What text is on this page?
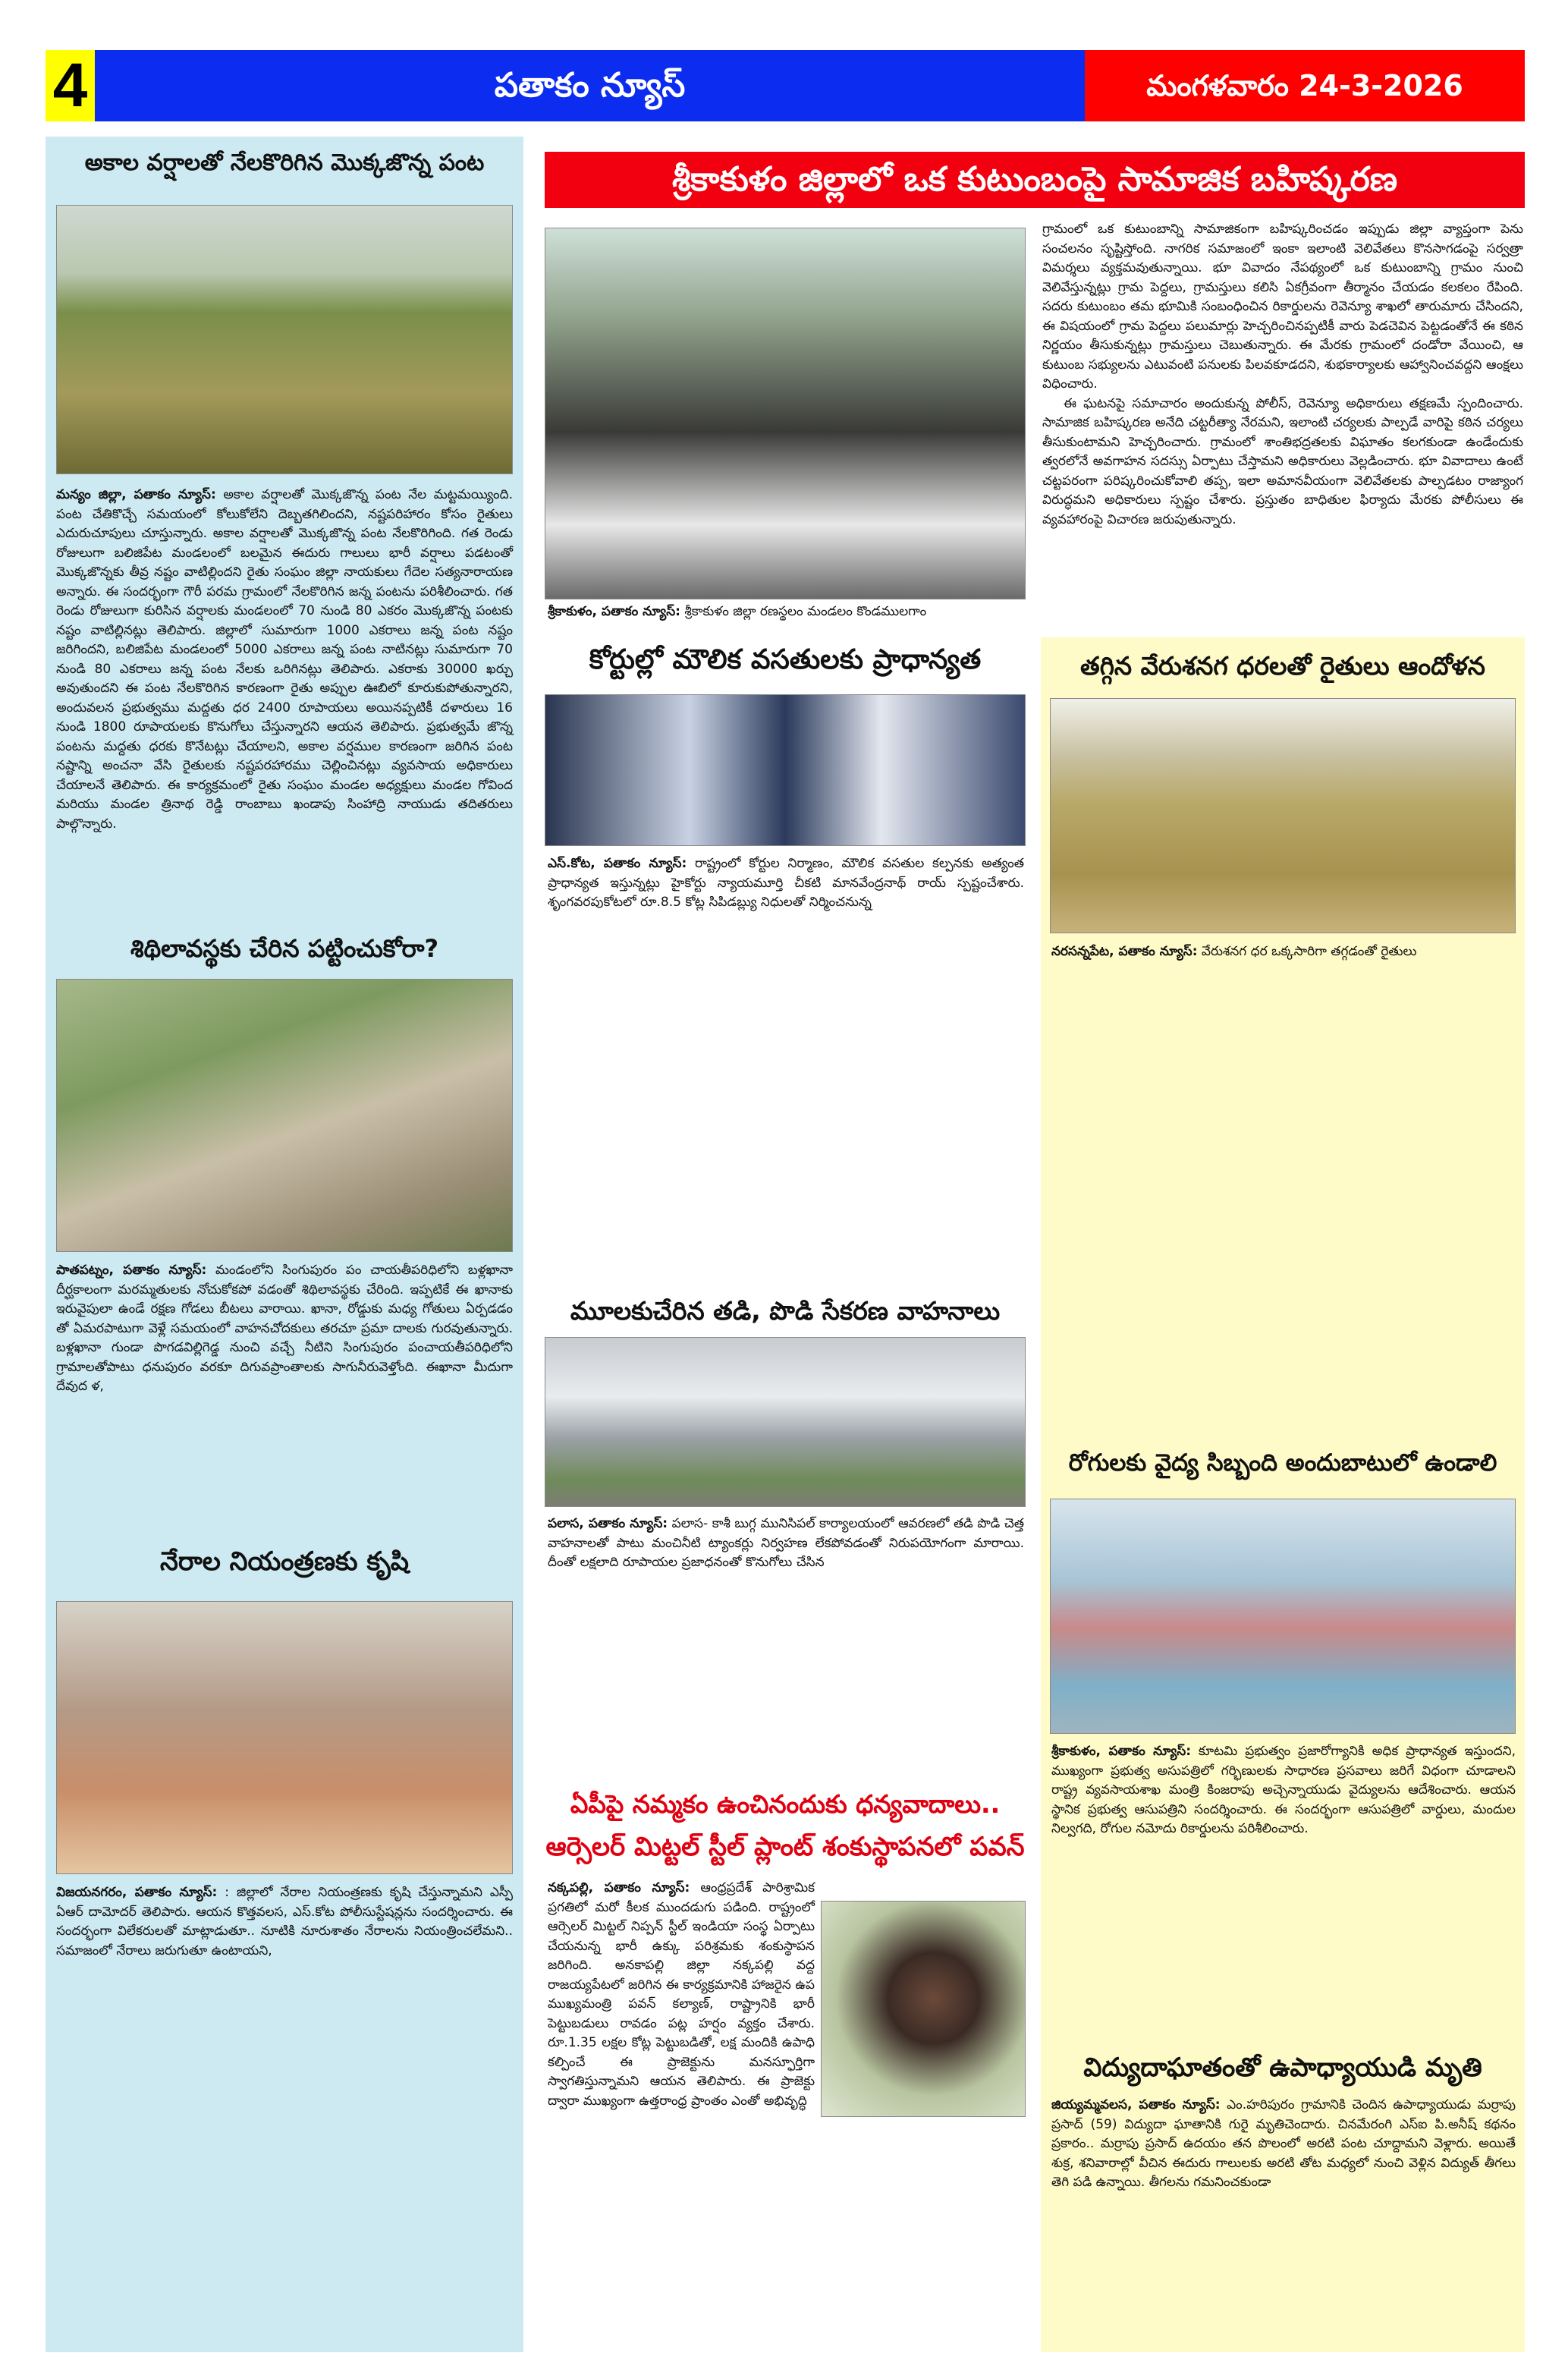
4	పతాకం న్యూస్	మంగళవారం 24-3-2026
అకాల వర్షాలతో నేలకొరిగిన మొక్కజొన్న పంట
మన్యం జిల్లా, పతాకం న్యూస్: అకాల వర్షాలతో మొక్కజొన్న పంట నేల మట్టమయ్యింది. పంట చేతికొచ్చే సమయంలో కోలుకోలేని దెబ్బతగిలిందని, నష్టపరిహారం కోసం రైతులు ఎదురుచూపులు చూస్తున్నారు. అకాల వర్షాలతో మొక్కజొన్న పంట నేలకొరిగింది. గత రెండు రోజులుగా బలిజిపేట మండలంలో బలమైన ఈదురు గాలులు భారీ వర్షాలు పడటంతో మొక్కజొన్నకు తీవ్ర నష్టం వాటిల్లిందని రైతు సంఘం జిల్లా నాయకులు గేదెల సత్యనారాయణ అన్నారు. ఈ సందర్భంగా గౌరీ పరమ గ్రామంలో నేలకొరిగిన జన్న పంటను పరిశీలించారు. గత రెండు రోజులుగా కురిసిన వర్షాలకు మండలంలో 70 నుండి 80 ఎకరం మొక్కజొన్న పంటకు నష్టం వాటిల్లినట్లు తెలిపారు. జిల్లాలో సుమారుగా 1000 ఎకరాలు జన్న పంట నష్టం జరిగిందని, బలిజిపేట మండలంలో 5000 ఎకరాలు జన్న పంట నాటినట్లు సుమారుగా 70 నుండి 80 ఎకరాలు జన్న పంట నేలకు ఒరిగినట్లు తెలిపారు. ఎకరాకు 30000 ఖర్చు అవుతుందని ఈ పంట నేలకొరిగిన కారణంగా రైతు అప్పుల ఊబిలో కూరుకుపోతున్నారని, అందువలన ప్రభుత్వము మద్దతు ధర 2400 రూపాయలు అయినప్పటికీ దళారులు 16 నుండి 1800 రూపాయలకు కొనుగోలు చేస్తున్నారని ఆయన తెలిపారు. ప్రభుత్వమే జొన్న పంటను మద్దతు ధరకు కొనేటట్లు చేయాలని, అకాల వర్షముల కారణంగా జరిగిన పంట నష్టాన్ని అంచనా వేసి రైతులకు నష్టపరహారము చెల్లించినట్లు వ్యవసాయ అధికారులు చేయాలనే తెలిపారు. ఈ కార్యక్రమంలో రైతు సంఘం మండల అధ్యక్షులు మండల గోవింద మరియు మండల త్రినాథ రెడ్డి రాంబాబు ఖండాపు సింహాద్రి నాయుడు తదితరులు పాల్గొన్నారు.
శిథిలావస్థకు చేరిన పట్టించుకోరా?
పాతపట్నం, పతాకం న్యూస్: మండంలోని సింగుపురం పం చాయతీపరిధిలోని బళ్లఖానా దీర్ఘకాలంగా మరమ్మతులకు నోచుకోకపో వడంతో శిథిలావస్థకు చేరింది. ఇప్పటికే ఈ ఖానాకు ఇరువైపులా ఉండే రక్షణ గోడలు బీటలు వారాయి. ఖానా, రోడ్డుకు మధ్య గోతులు ఏర్పడడం తో ఏమరపాటుగా వెళ్లే సమయంలో వాహనచోదకులు తరచూ ప్రమా దాలకు గురవుతున్నారు. బళ్లఖానా గుండా పొగడవిల్లిగెడ్డ నుంచి వచ్చే నీటిని సింగుపురం పంచాయతీపరిధిలోని గ్రామాలతోపాటు ధనుపురం వరకూ దిగువప్రాంతాలకు సాగునీరువెళ్తోంది. ఈఖానా మీదుగా దేవుద ళ,
నేరాల నియంత్రణకు కృషి
విజయనగరం, పతాకం న్యూస్: : జిల్లాలో నేరాల నియంత్రణకు కృషి చేస్తున్నామని ఎస్పీ ఏఆర్ దామోదర్ తెలిపారు. ఆయన కొత్తవలస, ఎస్.కోట పోలీసుస్టేషన్లను సందర్శించారు. ఈ సందర్భంగా విలేకరులతో మాట్లాడుతూ.. నూటికి నూరుశాతం నేరాలను నియంత్రించలేమని.. సమాజంలో నేరాలు జరుగుతూ ఉంటాయని,
శ్రీకాకుళం జిల్లాలో ఒక కుటుంబంపై సామాజిక బహిష్కరణ
శ్రీకాకుళం, పతాకం న్యూస్: శ్రీకాకుళం జిల్లా రణస్థలం మండలం కొండములగాం
కోర్టుల్లో మౌలిక వసతులకు ప్రాధాన్యత
ఎస్.కోట, పతాకం న్యూస్: రాష్ట్రంలో కోర్టుల నిర్మాణం, మౌలిక వసతుల కల్పనకు అత్యంత ప్రాధాన్యత ఇస్తున్నట్లు హైకోర్టు న్యాయమూర్తి చీకటి మానవేంద్రనాథ్ రాయ్ స్పష్టంచేశారు. శృంగవరపుకోటలో రూ.8.5 కోట్ల సిపిడబ్ల్యు నిధులతో నిర్మించనున్న
మూలకుచేరిన తడి, పొడి సేకరణ వాహనాలు
పలాస, పతాకం న్యూస్: పలాస- కాశీ బుగ్గ మునిసిపల్ కార్యాలయంలో ఆవరణలో తడి పొడి చెత్త వాహనాలతో పాటు మంచినీటి ట్యాంకర్లు నిర్వహణ లేకపోవడంతో నిరుపయోగంగా మారాయి. దీంతో లక్షలాది రూపాయల ప్రజాధనంతో కొనుగోలు చేసిన
ఏపీపై నమ్మకం ఉంచినందుకు ధన్యవాదాలు..
ఆర్సెలర్ మిట్టల్ స్టీల్ ప్లాంట్ శంకుస్థాపనలో పవన్
నక్కపల్లి, పతాకం న్యూస్: ఆంధ్రప్రదేశ్ పారిశ్రామిక ప్రగతిలో మరో కీలక ముందడుగు పడింది. రాష్ట్రంలో ఆర్సెలర్ మిట్టల్ నిప్పన్ స్టీల్ ఇండియా సంస్థ ఏర్పాటు చేయనున్న భారీ ఉక్కు పరిశ్రమకు శంకుస్థాపన జరిగింది. అనకాపల్లి జిల్లా నక్కపల్లి వద్ద రాజయ్యపేటలో జరిగిన ఈ కార్యక్రమానికి హాజరైన ఉప ముఖ్యమంత్రి పవన్ కల్యాణ్, రాష్ట్రానికి భారీ పెట్టుబడులు రావడం పట్ల హర్షం వ్యక్తం చేశారు. రూ.1.35 లక్షల కోట్ల పెట్టుబడితో, లక్ష మందికి ఉపాధి కల్పించే ఈ ప్రాజెక్టును మనస్ఫూర్తిగా స్వాగతిస్తున్నామని ఆయన తెలిపారు. ఈ ప్రాజెక్టు ద్వారా ముఖ్యంగా ఉత్తరాంధ్ర ప్రాంతం ఎంతో అభివృద్ధి
గ్రామంలో ఒక కుటుంబాన్ని సామాజికంగా బహిష్కరించడం ఇప్పుడు జిల్లా వ్యాప్తంగా పెను సంచలనం సృష్టిస్తోంది. నాగరిక సమాజంలో ఇంకా ఇలాంటి వెలివేతలు కొనసాగడంపై సర్వత్రా విమర్శలు వ్యక్తమవుతున్నాయి. భూ వివాదం నేపథ్యంలో ఒక కుటుంబాన్ని గ్రామం నుంచి వెలివేస్తున్నట్లు గ్రామ పెద్దలు, గ్రామస్తులు కలిసి ఏకగ్రీవంగా తీర్మానం చేయడం కలకలం రేపింది. సదరు కుటుంబం తమ భూమికి సంబంధించిన రికార్డులను రెవెన్యూ శాఖలో తారుమారు చేసిందని, ఈ విషయంలో గ్రామ పెద్దలు పలుమార్లు హెచ్చరించినప్పటికీ వారు పెడచెవిన పెట్టడంతోనే ఈ కఠిన నిర్ణయం తీసుకున్నట్లు గ్రామస్తులు చెబుతున్నారు. ఈ మేరకు గ్రామంలో దండోరా వేయించి, ఆ కుటుంబ సభ్యులను ఎటువంటి పనులకు పిలవకూడదని, శుభకార్యాలకు ఆహ్వానించవద్దని ఆంక్షలు విధించారు.
ఈ ఘటనపై సమాచారం అందుకున్న పోలీస్, రెవెన్యూ అధికారులు తక్షణమే స్పందించారు. సామాజిక బహిష్కరణ అనేది చట్టరీత్యా నేరమని, ఇలాంటి చర్యలకు పాల్పడే వారిపై కఠిన చర్యలు తీసుకుంటామని హెచ్చరించారు. గ్రామంలో శాంతిభద్రతలకు విఘాతం కలగకుండా ఉండేందుకు త్వరలోనే అవగాహన సదస్సు ఏర్పాటు చేస్తామని అధికారులు వెల్లడించారు. భూ వివాదాలు ఉంటే చట్టపరంగా పరిష్కరించుకోవాలి తప్ప, ఇలా అమానవీయంగా వెలివేతలకు పాల్పడటం రాజ్యాంగ విరుద్ధమని అధికారులు స్పష్టం చేశారు. ప్రస్తుతం బాధితుల ఫిర్యాదు మేరకు పోలీసులు ఈ వ్యవహారంపై విచారణ జరుపుతున్నారు.
తగ్గిన వేరుశనగ ధరలతో రైతులు ఆందోళన
నరసన్నపేట, పతాకం న్యూస్: వేరుశనగ ధర ఒక్కసారిగా తగ్గడంతో రైతులు
రోగులకు వైద్య సిబ్బంది అందుబాటులో ఉండాలి
శ్రీకాకుళం, పతాకం న్యూస్: కూటమి ప్రభుత్వం ప్రజారోగ్యానికి అధిక ప్రాధాన్యత ఇస్తుందని, ముఖ్యంగా ప్రభుత్వ అసుపత్రిలో గర్భిణులకు సాధారణ ప్రసవాలు జరిగే విధంగా చూడాలని రాష్ట్ర వ్యవసాయశాఖ మంత్రి కింజరాపు అచ్చెన్నాయుడు వైద్యులను ఆదేశించారు. ఆయన స్థానిక ప్రభుత్వ ఆసుపత్రిని సందర్శించారు. ఈ సందర్భంగా ఆసుపత్రిలో వార్డులు, మందుల నిల్వగది, రోగుల నమోదు రికార్డులను పరిశీలించారు.
విద్యుదాఘాతంతో ఉపాధ్యాయుడి మృతి
జియ్యమ్మవలస, పతాకం న్యూస్: ఎం.హరిపురం గ్రామానికి చెందిన ఉపాధ్యాయుడు మర్రాపు ప్రసాద్ (59) విద్యుదా ఘాతానికి గురై మృతిచెందారు. చినమేరంగి ఎస్ఐ పి.అనీష్ కథనం ప్రకారం.. మర్రాపు ప్రసాద్ ఉదయం తన పొలంలో అరటి పంట చూద్దామని వెళ్లారు. అయితే శుక్ర, శనివారాల్లో వీచిన ఈదురు గాలులకు అరటి తోట మధ్యలో నుంచి వెళ్లిన విద్యుత్ తీగలు తెగి పడి ఉన్నాయి. తీగలను గమనించకుండా
